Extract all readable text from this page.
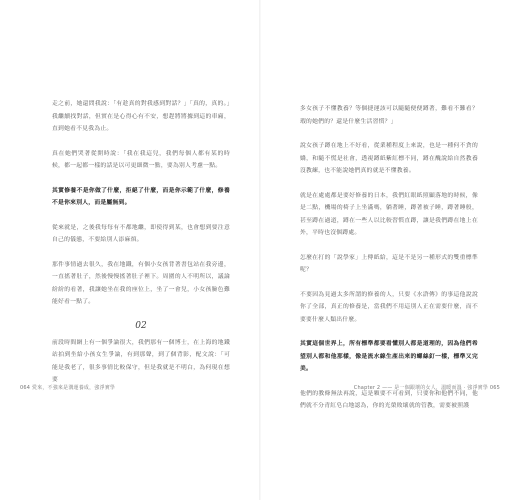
走之前，她還問我說：「有趁真的對我感到對話？」「真的，真的。」我繼續找對話，但實在是心得心有不安，想趕將將據到這的車廂，直到她看不見我為止。

真在她們哭著從開時說：「我在我這兒，我們每個人都有某的時候，都一起都一樣的話是以可更細微一點，要為別人考慮一點。

其實修養不是你做了什麼，拒絕了什麼，而是你示範了什麼，修養不是你來別人，而是屬無到。

從來就是，之後我每每有不都地繼，即使得到某，也會想到要注意自己的儀態，不要給別人添麻煩。

那件事情過去很久，我在地鐵，有個小女孩背著書包站在我旁邊，一直搖著肚子，然後慢慢搖著肚子裡下。周圍的人不明所以，議論紛紛的看著，我讓她坐在我的座位上，坐了一會兒，小女孩臉色難能好看一點了。

02

前段時間網上有一個爭論很大，我們那有一個博士，在上海的地鐵站拍到坐給小孩女生爭論，有到那聲，到了個背影，配文說：「可能是我老了，很多事情比較保守，但是我就是不明白，為何現在想要

064 愛來，不強來是溝運養成，強淨實學

多女孩子不懂教養？等個捷運該可以隨隨便便蹲著，難看不難看？瑕的她們的？還是什麼生活習慣？」

說女孩子蹲在地上不好看，從業種程度上來說，也是一種何不貪的嬌，和隨不慌是社會，透視蹲紙紫紅標不同，蹲在醜說給自然教養沒教練，也不能說她們真的就是不懂教養。

就是在處處都是要好修養的日本，我們紅眼紙照顧落地的時候，像是二點，機場的椅子上坐滿嗎，躺著睡，蹲著被子睡，蹲著睡般，甚至蹲在過道，蹲在一些人以比較習慣直蹲，讓是我們蹲在地上在外，平時也沒個蹲處。

怎麼在打的「說學家」上傳紙給，這是不是另一種形式的雙重標準呢？

不要因為見過太多所謂的修養的人，只要《水滸傳》的事這他說說你了全部，真正的修養是，當我們不用這別人正在需要什麼，而不要要什麼人類出什麼。

其實這個世界上，所有標準都要看懂別人都是道理的，因為他們希望別人都和他那樣，像是流水線生產出來的螺絲釘一樣，標準又完美。

他們的教條無法再說，這是顆要不可看到，只要你和他們不同，他們就不分青紅皂白地認為，你的光榮敗壞就的管教，需要被照護

Chapter 2 —— 是一個跟壞的女人，溫暖而溫 · 強淨實學 065
